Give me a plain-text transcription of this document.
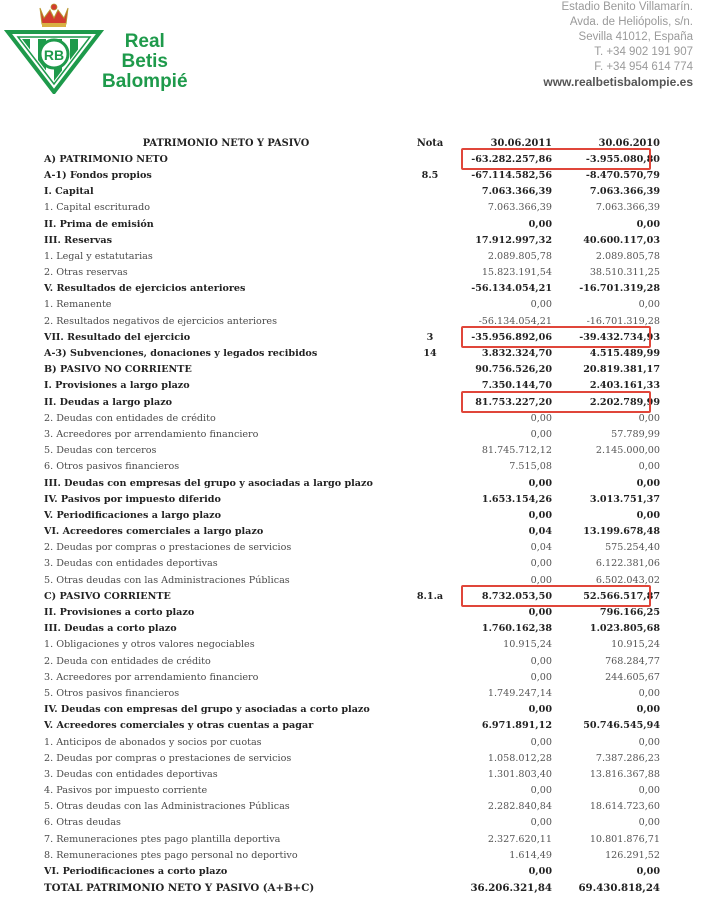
RB
Real
Betis
Balompié
Estadio Benito Villamarín.
Avda. de Heliópolis, s/n.
Sevilla 41012, España
T. +34 902 191 907
F. +34 954 614 774
www.realbetisbalompie.es
PATRIMONIO NETO Y PASIVO	Nota	30.06.2011	30.06.2010
A) PATRIMONIO NETO		-63.282.257,86	-3.955.080,80
A-1) Fondos propios	8.5	-67.114.582,56	-8.470.570,79
I. Capital		7.063.366,39	7.063.366,39
1. Capital escriturado		7.063.366,39	7.063.366,39
II. Prima de emisión		0,00	0,00
III. Reservas		17.912.997,32	40.600.117,03
1. Legal y estatutarias		2.089.805,78	2.089.805,78
2. Otras reservas		15.823.191,54	38.510.311,25
V. Resultados de ejercicios anteriores		-56.134.054,21	-16.701.319,28
1. Remanente		0,00	0,00
2. Resultados negativos de ejercicios anteriores		-56.134.054,21	-16.701.319,28
VII. Resultado del ejercicio	3	-35.956.892,06	-39.432.734,93
A-3) Subvenciones, donaciones y legados recibidos	14	3.832.324,70	4.515.489,99
B) PASIVO NO CORRIENTE		90.756.526,20	20.819.381,17
I. Provisiones a largo plazo		7.350.144,70	2.403.161,33
II. Deudas a largo plazo		81.753.227,20	2.202.789,99
2. Deudas con entidades de crédito		0,00	0,00
3. Acreedores por arrendamiento financiero		0,00	57.789,99
5. Deudas con terceros		81.745.712,12	2.145.000,00
6. Otros pasivos financieros		7.515,08	0,00
III. Deudas con empresas del grupo y asociadas a largo plazo		0,00	0,00
IV. Pasivos por impuesto diferido		1.653.154,26	3.013.751,37
V. Periodificaciones a largo plazo		0,00	0,00
VI. Acreedores comerciales a largo plazo		0,04	13.199.678,48
2. Deudas por compras o prestaciones de servicios		0,04	575.254,40
3. Deudas con entidades deportivas		0,00	6.122.381,06
5. Otras deudas con las Administraciones Públicas		0,00	6.502.043,02
C) PASIVO CORRIENTE	8.1.a	8.732.053,50	52.566.517,87
II. Provisiones a corto plazo		0,00	796.166,25
III. Deudas a corto plazo		1.760.162,38	1.023.805,68
1. Obligaciones y otros valores negociables		10.915,24	10.915,24
2. Deuda con entidades de crédito		0,00	768.284,77
3. Acreedores por arrendamiento financiero		0,00	244.605,67
5. Otros pasivos financieros		1.749.247,14	0,00
IV. Deudas con empresas del grupo y asociadas a corto plazo		0,00	0,00
V. Acreedores comerciales y otras cuentas a pagar		6.971.891,12	50.746.545,94
1. Anticipos de abonados y socios por cuotas		0,00	0,00
2. Deudas por compras o prestaciones de servicios		1.058.012,28	7.387.286,23
3. Deudas con entidades deportivas		1.301.803,40	13.816.367,88
4. Pasivos por impuesto corriente		0,00	0,00
5. Otras deudas con las Administraciones Públicas		2.282.840,84	18.614.723,60
6. Otras deudas		0,00	0,00
7. Remuneraciones ptes pago plantilla deportiva		2.327.620,11	10.801.876,71
8. Remuneraciones ptes pago personal no deportivo		1.614,49	126.291,52
VI. Periodificaciones a corto plazo		0,00	0,00
TOTAL PATRIMONIO NETO Y PASIVO (A+B+C)		36.206.321,84	69.430.818,24
